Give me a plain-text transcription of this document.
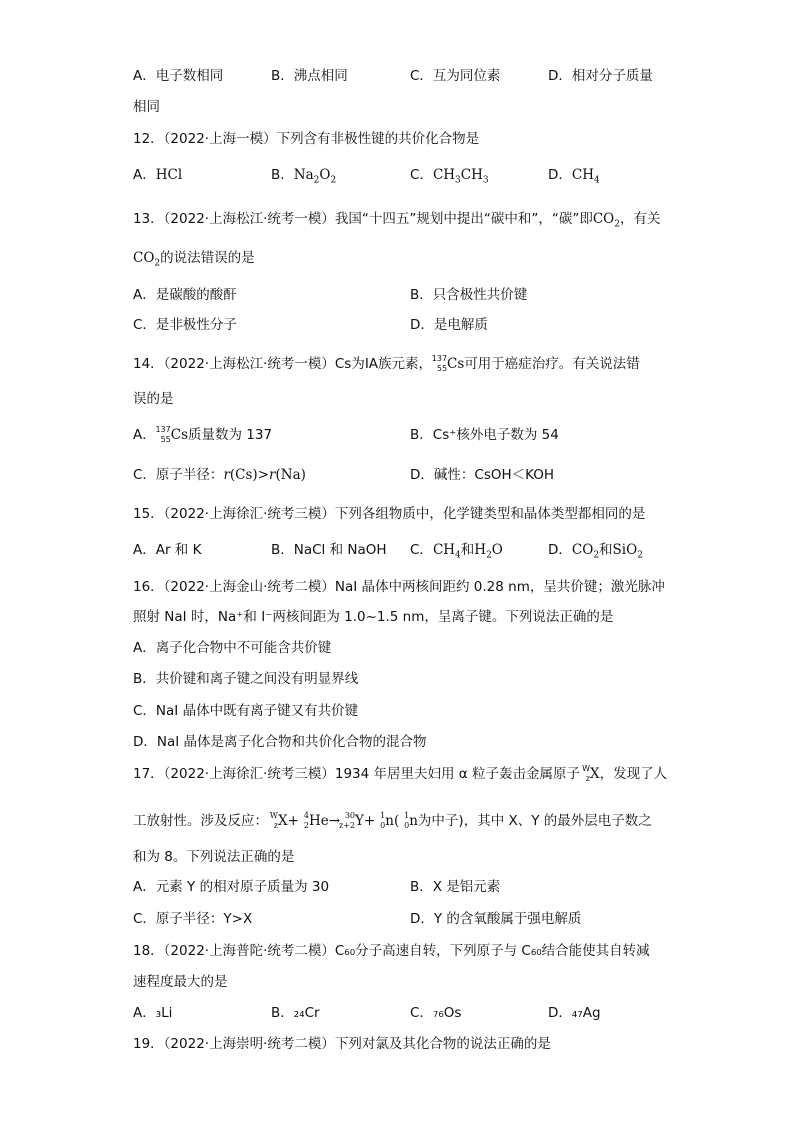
A．电子数相同	B．沸点相同	C．互为同位素	D．相对分子质量
相同
12．（2022·上海一模）下列含有非极性键的共价化合物是
A．HCl	B．$Na_2O_2$	C．$CH_3CH_3$	D．$CH_4$
13．（2022·上海松江·统考一模）我国“十四五”规划中提出“碳中和”，“碳”即$CO_2$，有关
$CO_2$的说法错误的是
A．是碳酸的酸酐	B．只含极性共价键
C．是非极性分子	D．是电解质
14．（2022·上海松江·统考一模）Cs为ⅠA族元素， 137
55 Cs可用于癌症治疗。有关说法错
误的是
A． 137
55 Cs质量数为 137	B．Cs⁺核外电子数为 54
C．原子半径：r(Cs)>r(Na)	D．碱性：CsOH＜KOH
15．（2022·上海徐汇·统考三模）下列各组物质中，化学键类型和晶体类型都相同的是
A．Ar 和 K	B．NaCl 和 NaOH C．$CH_4$和$H_2O$	D．$CO_2$和SiO$_2$
16．（2022·上海金山·统考二模）NaI 晶体中两核间距约 0.28 nm，呈共价键；激光脉冲
照射 NaI 时，Na⁺和 I⁻两核间距为 1.0~1.5 nm，呈离子键。下列说法正确的是
A．离子化合物中不可能含共价键
B．共价键和离子键之间没有明显界线
C．NaI 晶体中既有离子键又有共价键
D．NaI 晶体是离子化合物和共价化合物的混合物
17．（2022·上海徐汇·统考三模）1934 年居里夫妇用 α 粒子轰击金属原子 W
z X，发现了人
工放射性。涉及反应： W
z X+ 4
2 He→ 30
z+2 Y+ 1
0 n( 1
0 n为中子)，其中 X、Y 的最外层电子数之
和为 8。下列说法正确的是
A．元素 Y 的相对原子质量为 30	B．X 是铝元素
C．原子半径：Y>X	D．Y 的含氧酸属于强电解质
18．（2022·上海普陀·统考二模）C₆₀分子高速自转，下列原子与 C₆₀结合能使其自转减
速程度最大的是
A．₃Li	B．₂₄Cr	C．₇₆Os	D．₄₇Ag
19．（2022·上海崇明·统考二模）下列对氯及其化合物的说法正确的是
